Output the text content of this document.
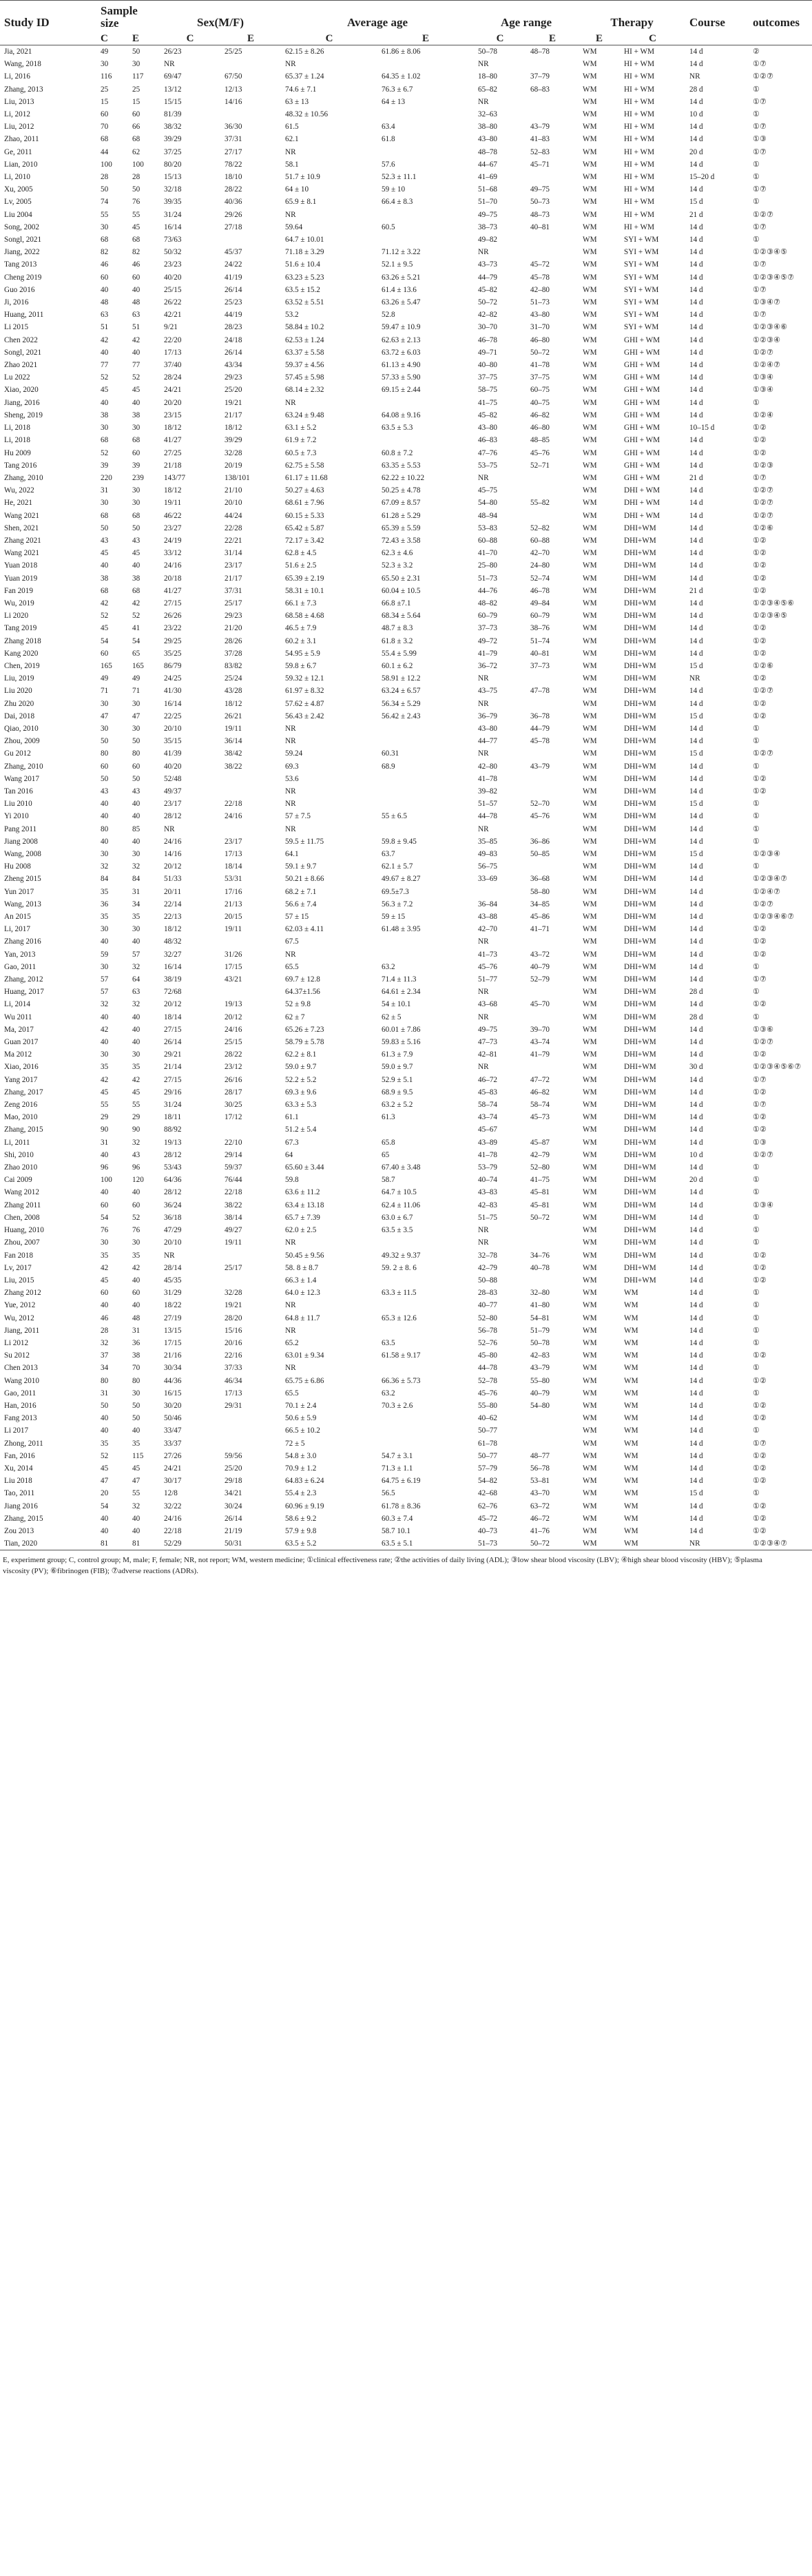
Study ID	Sample size		Sex(M/F)		Average age		Age range		Therapy		Course	outcomes
	C	E	C	E	C	E	C	E	E	C		
Jia, 2021	49	50	26/23	25/25	62.15 ± 8.26	61.86 ± 8.06	50–78	48–78	WM	HI + WM	14 d	②
Wang, 2018	30	30	NR		NR		NR		WM	HI + WM	14 d	①⑦
Li, 2016	116	117	69/47	67/50	65.37 ± 1.24	64.35 ± 1.02	18–80	37–79	WM	HI + WM	NR	①②⑦
Zhang, 2013	25	25	13/12	12/13	74.6 ± 7.1	76.3 ± 6.7	65–82	68–83	WM	HI + WM	28 d	①
Liu, 2013	15	15	15/15	14/16	63 ± 13	64 ± 13	NR		WM	HI + WM	14 d	①⑦
Li, 2012	60	60	81/39		48.32 ± 10.56		32–63		WM	HI + WM	10 d	①
Liu, 2012	70	66	38/32	36/30	61.5	63.4	38–80	43–79	WM	HI + WM	14 d	①⑦
Zhao, 2011	68	68	39/29	37/31	62.1	61.8	43–80	41–83	WM	HI + WM	14 d	①③
Ge, 2011	44	62	37/25	27/17	NR		48–78	52–83	WM	HI + WM	20 d	①⑦
Lian, 2010	100	100	80/20	78/22	58.1	57.6	44–67	45–71	WM	HI + WM	14 d	①
Li, 2010	28	28	15/13	18/10	51.7 ± 10.9	52.3 ± 11.1	41–69		WM	HI + WM	15–20 d	①
Xu, 2005	50	50	32/18	28/22	64 ± 10	59 ± 10	51–68	49–75	WM	HI + WM	14 d	①⑦
Lv, 2005	74	76	39/35	40/36	65.9 ± 8.1	66.4 ± 8.3	51–70	50–73	WM	HI + WM	15 d	①
Liu 2004	55	55	31/24	29/26	NR		49–75	48–73	WM	HI + WM	21 d	①②⑦
Song, 2002	30	45	16/14	27/18	59.64	60.5	38–73	40–81	WM	HI + WM	14 d	①⑦
Songl, 2021	68	68	73/63		64.7 ± 10.01		49–82		WM	SYI + WM	14 d	①
Jiang, 2022	82	82	50/32	45/37	71.18 ± 3.29	71.12 ± 3.22	NR		WM	SYI + WM	14 d	①②③④⑤
Tang 2013	46	46	23/23	24/22	51.6 ± 10.4	52.1 ± 9.5	43–73	45–72	WM	SYI + WM	14 d	①⑦
Cheng 2019	60	60	40/20	41/19	63.23 ± 5.23	63.26 ± 5.21	44–79	45–78	WM	SYI + WM	14 d	①②③④⑤⑦
Guo 2016	40	40	25/15	26/14	63.5 ± 15.2	61.4 ± 13.6	45–82	42–80	WM	SYI + WM	14 d	①⑦
Ji, 2016	48	48	26/22	25/23	63.52 ± 5.51	63.26 ± 5.47	50–72	51–73	WM	SYI + WM	14 d	①③④⑦
Huang, 2011	63	63	42/21	44/19	53.2	52.8	42–82	43–80	WM	SYI + WM	14 d	①⑦
Li 2015	51	51	9/21	28/23	58.84 ± 10.2	59.47 ± 10.9	30–70	31–70	WM	SYI + WM	14 d	①②③④⑥
Chen 2022	42	42	22/20	24/18	62.53 ± 1.24	62.63 ± 2.13	46–78	46–80	WM	GHI + WM	14 d	①②③④
Songl, 2021	40	40	17/13	26/14	63.37 ± 5.58	63.72 ± 6.03	49–71	50–72	WM	GHI + WM	14 d	①②⑦
Zhao 2021	77	77	37/40	43/34	59.37 ± 4.56	61.13 ± 4.90	40–80	41–78	WM	GHI + WM	14 d	①②④⑦
Lu 2022	52	52	28/24	29/23	57.45 ± 5.98	57.33 ± 5.90	37–75	37–75	WM	GHI + WM	14 d	①③④
Xiao, 2020	45	45	24/21	25/20	68.14 ± 2.32	69.15 ± 2.44	58–75	60–75	WM	GHI + WM	14 d	①③④
Jiang, 2016	40	40	20/20	19/21	NR		41–75	40–75	WM	GHI + WM	14 d	①
Sheng, 2019	38	38	23/15	21/17	63.24 ± 9.48	64.08 ± 9.16	45–82	46–82	WM	GHI + WM	14 d	①②④
Li, 2018	30	30	18/12	18/12	63.1 ± 5.2	63.5 ± 5.3	43–80	46–80	WM	GHI + WM	10–15 d	①②
Li, 2018	68	68	41/27	39/29	61.9 ± 7.2		46–83	48–85	WM	GHI + WM	14 d	①②
Hu 2009	52	60	27/25	32/28	60.5 ± 7.3	60.8 ± 7.2	47–76	45–76	WM	GHI + WM	14 d	①②
Tang 2016	39	39	21/18	20/19	62.75 ± 5.58	63.35 ± 5.53	53–75	52–71	WM	GHI + WM	14 d	①②③
Zhang, 2010	220	239	143/77	138/101	61.17 ± 11.68	62.22 ± 10.22	NR		WM	GHI + WM	21 d	①⑦
Wu, 2022	31	30	18/12	21/10	50.27 ± 4.63	50.25 ± 4.78	45–75		WM	DHI + WM	14 d	①②⑦
He, 2021	30	30	19/11	20/10	68.61 ± 7.96	67.09 ± 8.57	54–80	55–82	WM	DHI + WM	14 d	①②⑦
Wang 2021	68	68	46/22	44/24	60.15 ± 5.33	61.28 ± 5.29	48–94		WM	DHI + WM	14 d	①②⑦
Shen, 2021	50	50	23/27	22/28	65.42 ± 5.87	65.39 ± 5.59	53–83	52–82	WM	DHI+WM	14 d	①②⑥
Zhang 2021	43	43	24/19	22/21	72.17 ± 3.42	72.43 ± 3.58	60–88	60–88	WM	DHI+WM	14 d	①②
Wang 2021	45	45	33/12	31/14	62.8 ± 4.5	62.3 ± 4.6	41–70	42–70	WM	DHI+WM	14 d	①②
Yuan 2018	40	40	24/16	23/17	51.6 ± 2.5	52.3 ± 3.2	25–80	24–80	WM	DHI+WM	14 d	①②
Yuan 2019	38	38	20/18	21/17	65.39 ± 2.19	65.50 ± 2.31	51–73	52–74	WM	DHI+WM	14 d	①②
Fan 2019	68	68	41/27	37/31	58.31 ± 10.1	60.04 ± 10.5	44–76	46–78	WM	DHI+WM	21 d	①②
Wu, 2019	42	42	27/15	25/17	66.1 ± 7.3	66.8 ±7.1	48–82	49–84	WM	DHI+WM	14 d	①②③④⑤⑥
Li 2020	52	52	26/26	29/23	68.58 ± 4.68	68.34 ± 5.64	60–79	60–79	WM	DHI+WM	14 d	①②③④⑤
Tang 2019	45	41	23/22	21/20	46.5 ± 7.9	48.7 ± 8.3	37–73	38–76	WM	DHI+WM	14 d	①②
Zhang 2018	54	54	29/25	28/26	60.2 ± 3.1	61.8 ± 3.2	49–72	51–74	WM	DHI+WM	14 d	①②
Kang 2020	60	65	35/25	37/28	54.95 ± 5.9	55.4 ± 5.99	41–79	40–81	WM	DHI+WM	14 d	①②
Chen, 2019	165	165	86/79	83/82	59.8 ± 6.7	60.1 ± 6.2	36–72	37–73	WM	DHI+WM	15 d	①②⑥
Liu, 2019	49	49	24/25	25/24	59.32 ± 12.1	58.91 ± 12.2	NR		WM	DHI+WM	NR	①②
Liu 2020	71	71	41/30	43/28	61.97 ± 8.32	63.24 ± 6.57	43–75	47–78	WM	DHI+WM	14 d	①②⑦
Zhu 2020	30	30	16/14	18/12	57.62 ± 4.87	56.34 ± 5.29	NR		WM	DHI+WM	14 d	①②
Dai, 2018	47	47	22/25	26/21	56.43 ± 2.42	56.42 ± 2.43	36–79	36–78	WM	DHI+WM	15 d	①②
Qiao, 2010	30	30	20/10	19/11	NR		43–80	44–79	WM	DHI+WM	14 d	①
Zhou, 2009	50	50	35/15	36/14	NR		44–77	45–78	WM	DHI+WM	14 d	①
Gu 2012	80	80	41/39	38/42	59.24	60.31	NR		WM	DHI+WM	15 d	①②⑦
Zhang, 2010	60	60	40/20	38/22	69.3	68.9	42–80	43–79	WM	DHI+WM	14 d	①
Wang 2017	50	50	52/48		53.6		41–78		WM	DHI+WM	14 d	①②
Tan 2016	43	43	49/37		NR		39–82		WM	DHI+WM	14 d	①②
Liu 2010	40	40	23/17	22/18	NR		51–57	52–70	WM	DHI+WM	15 d	①
Yi 2010	40	40	28/12	24/16	57 ± 7.5	55 ± 6.5	44–78	45–76	WM	DHI+WM	14 d	①
Pang 2011	80	85	NR		NR		NR		WM	DHI+WM	14 d	①
Jiang 2008	40	40	24/16	23/17	59.5 ± 11.75	59.8 ± 9.45	35–85	36–86	WM	DHI+WM	14 d	①
Wang, 2008	30	30	14/16	17/13	64.1	63.7	49–83	50–85	WM	DHI+WM	15 d	①②③④
Hu 2008	32	32	20/12	18/14	59.1 ± 9.7	62.1 ± 5.7	56–75		WM	DHI+WM	14 d	①
Zheng 2015	84	84	51/33	53/31	50.21 ± 8.66	49.67 ± 8.27	33–69	36–68	WM	DHI+WM	14 d	①②③④⑦
Yun 2017	35	31	20/11	17/16	68.2 ± 7.1	69.5±7.3		58–80	WM	DHI+WM	14 d	①②④⑦
Wang, 2013	36	34	22/14	21/13	56.6 ± 7.4	56.3 ± 7.2	36–84	34–85	WM	DHI+WM	14 d	①②⑦
An 2015	35	35	22/13	20/15	57 ± 15	59 ± 15	43–88	45–86	WM	DHI+WM	14 d	①②③④⑥⑦
Li, 2017	30	30	18/12	19/11	62.03 ± 4.11	61.48 ± 3.95	42–70	41–71	WM	DHI+WM	14 d	①②
Zhang 2016	40	40	48/32		67.5		NR		WM	DHI+WM	14 d	①②
Yan, 2013	59	57	32/27	31/26	NR		41–73	43–72	WM	DHI+WM	14 d	①②
Gao, 2011	30	32	16/14	17/15	65.5	63.2	45–76	40–79	WM	DHI+WM	14 d	①
Zhang, 2012	57	64	38/19	43/21	69.7 ± 12.8	71.4 ± 11.3	51–77	52–79	WM	DHI+WM	14 d	①⑦
Huang, 2017	57	63	72/68		64.37±1.56	64.61 ± 2.34	NR		WM	DHI+WM	28 d	①
Li, 2014	32	32	20/12	19/13	52 ± 9.8	54 ± 10.1	43–68	45–70	WM	DHI+WM	14 d	①②
Wu 2011	40	40	18/14	20/12	62 ± 7	62 ± 5	NR		WM	DHI+WM	28 d	①
Ma, 2017	42	40	27/15	24/16	65.26 ± 7.23	60.01 ± 7.86	49–75	39–70	WM	DHI+WM	14 d	①③⑥
Guan 2017	40	40	26/14	25/15	58.79 ± 5.78	59.83 ± 5.16	47–73	43–74	WM	DHI+WM	14 d	①②⑦
Ma 2012	30	30	29/21	28/22	62.2 ± 8.1	61.3 ± 7.9	42–81	41–79	WM	DHI+WM	14 d	①②
Xiao, 2016	35	35	21/14	23/12	59.0 ± 9.7	59.0 ± 9.7	NR		WM	DHI+WM	30 d	①②③④⑤⑥⑦
Yang 2017	42	42	27/15	26/16	52.2 ± 5.2	52.9 ± 5.1	46–72	47–72	WM	DHI+WM	14 d	①⑦
Zhang, 2017	45	45	29/16	28/17	69.3 ± 9.6	68.9 ± 9.5	45–83	46–82	WM	DHI+WM	14 d	①②
Zeng 2016	55	55	31/24	30/25	63.3 ± 5.3	63.2 ± 5.2	58–74	58–74	WM	DHI+WM	14 d	①⑦
Mao, 2010	29	29	18/11	17/12	61.1	61.3	43–74	45–73	WM	DHI+WM	14 d	①②
Zhang, 2015	90	90	88/92		51.2 ± 5.4		45–67		WM	DHI+WM	14 d	①②
Li, 2011	31	32	19/13	22/10	67.3	65.8	43–89	45–87	WM	DHI+WM	14 d	①③
Shi, 2010	40	43	28/12	29/14	64	65	41–78	42–79	WM	DHI+WM	10 d	①②⑦
Zhao 2010	96	96	53/43	59/37	65.60 ± 3.44	67.40 ± 3.48	53–79	52–80	WM	DHI+WM	14 d	①
Cai 2009	100	120	64/36	76/44	59.8	58.7	40–74	41–75	WM	DHI+WM	20 d	①
Wang 2012	40	40	28/12	22/18	63.6 ± 11.2	64.7 ± 10.5	43–83	45–81	WM	DHI+WM	14 d	①
Zhang 2011	60	60	36/24	38/22	63.4 ± 13.18	62.4 ± 11.06	42–83	45–81	WM	DHI+WM	14 d	①③④
Chen, 2008	54	52	36/18	38/14	65.7 ± 7.39	63.0 ± 6.7	51–75	50–72	WM	DHI+WM	14 d	①
Huang, 2010	76	76	47/29	49/27	62.0 ± 2.5	63.5 ± 3.5	NR		WM	DHI+WM	14 d	①
Zhou, 2007	30	30	20/10	19/11	NR		NR		WM	DHI+WM	14 d	①
Fan 2018	35	35	NR		50.45 ± 9.56	49.32 ± 9.37	32–78	34–76	WM	DHI+WM	14 d	①②
Lv, 2017	42	42	28/14	25/17	58. 8 ± 8.7	59. 2 ± 8. 6	42–79	40–78	WM	DHI+WM	14 d	①②
Liu, 2015	45	40	45/35		66.3 ± 1.4		50–88		WM	DHI+WM	14 d	①②
Zhang 2012	60	60	31/29	32/28	64.0 ± 12.3	63.3 ± 11.5	28–83	32–80	WM	WM	14 d	①
Yue, 2012	40	40	18/22	19/21	NR		40–77	41–80	WM	WM	14 d	①
Wu, 2012	46	48	27/19	28/20	64.8 ± 11.7	65.3 ± 12.6	52–80	54–81	WM	WM	14 d	①
Jiang, 2011	28	31	13/15	15/16	NR		56–78	51–79	WM	WM	14 d	①
Li 2012	32	36	17/15	20/16	65.2	63.5	52–76	50–78	WM	WM	14 d	①
Su 2012	37	38	21/16	22/16	63.01 ± 9.34	61.58 ± 9.17	45–80	42–83	WM	WM	14 d	①②
Chen 2013	34	70	30/34	37/33	NR		44–78	43–79	WM	WM	14 d	①
Wang 2010	80	80	44/36	46/34	65.75 ± 6.86	66.36 ± 5.73	52–78	55–80	WM	WM	14 d	①②
Gao, 2011	31	30	16/15	17/13	65.5	63.2	45–76	40–79	WM	WM	14 d	①
Han, 2016	50	50	30/20	29/31	70.1 ± 2.4	70.3 ± 2.6	55–80	54–80	WM	WM	14 d	①②
Fang 2013	40	50	50/46		50.6 ± 5.9		40–62		WM	WM	14 d	①②
Li 2017	40	40	33/47		66.5 ± 10.2		50–77		WM	WM	14 d	①
Zhong, 2011	35	35	33/37		72 ± 5		61–78		WM	WM	14 d	①⑦
Fan, 2016	52	115	27/26	59/56	54.8 ± 3.0	54.7 ± 3.1	50–77	48–77	WM	WM	14 d	①②
Xu, 2014	45	45	24/21	25/20	70.9 ± 1.2	71.3 ± 1.1	57–79	56–78	WM	WM	14 d	①②
Liu 2018	47	47	30/17	29/18	64.83 ± 6.24	64.75 ± 6.19	54–82	53–81	WM	WM	14 d	①②
Tao, 2011	20	55	12/8	34/21	55.4 ± 2.3	56.5	42–68	43–70	WM	WM	15 d	①
Jiang 2016	54	32	32/22	30/24	60.96 ± 9.19	61.78 ± 8.36	62–76	63–72	WM	WM	14 d	①②
Zhang, 2015	40	40	24/16	26/14	58.6 ± 9.2	60.3 ± 7.4	45–72	46–72	WM	WM	14 d	①②
Zou 2013	40	40	22/18	21/19	57.9 ± 9.8	58.7 10.1	40–73	41–76	WM	WM	14 d	①②
Tian, 2020	81	81	52/29	50/31	63.5 ± 5.2	63.5 ± 5.1	51–73	50–72	WM	WM	NR	①②③④⑦
E, experiment group; C, control group; M, male; F, female; NR, not report; WM, western medicine; ①clinical effectiveness rate; ②the activities of daily living (ADL); ③low shear blood viscosity (LBV); ④high shear blood viscosity (HBV); ⑤plasma viscosity (PV); ⑥fibrinogen (FIB); ⑦adverse reactions (ADRs).
